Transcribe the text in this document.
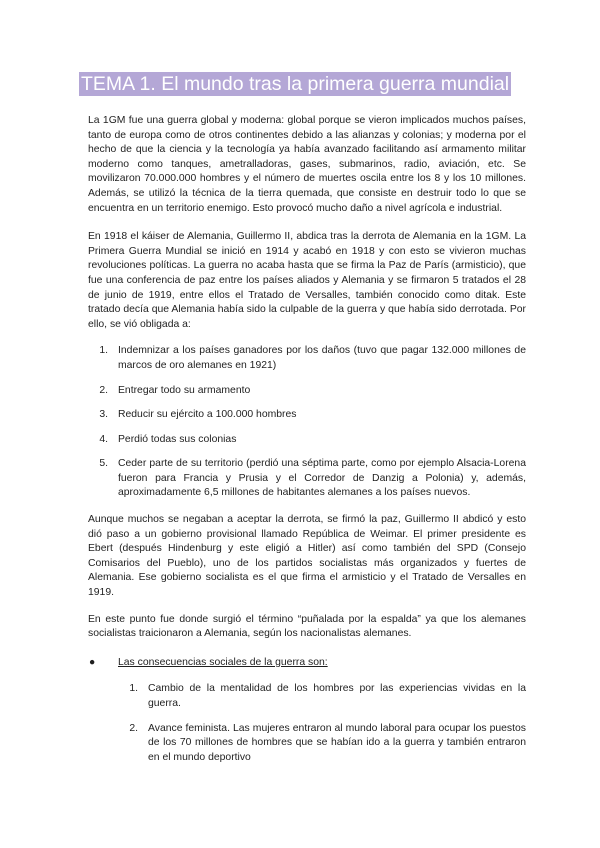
TEMA 1. El mundo tras la primera guerra mundial

La 1GM fue una guerra global y moderna: global porque se vieron implicados muchos países, tanto de europa como de otros continentes debido a las alianzas y colonias; y moderna por el hecho de que la ciencia y la tecnología ya había avanzado facilitando así armamento militar moderno como tanques, ametralladoras, gases, submarinos, radio, aviación, etc. Se movilizaron 70.000.000 hombres y el número de muertes oscila entre los 8 y los 10 millones. Además, se utilizó la técnica de la tierra quemada, que consiste en destruir todo lo que se encuentra en un territorio enemigo. Esto provocó mucho daño a nivel agrícola e industrial.

En 1918 el káiser de Alemania, Guillermo II, abdica tras la derrota de Alemania en la 1GM. La Primera Guerra Mundial se inició en 1914 y acabó en 1918 y con esto se vivieron muchas revoluciones políticas. La guerra no acaba hasta que se firma la Paz de París (armisticio), que fue una conferencia de paz entre los países aliados y Alemania y se firmaron 5 tratados el 28 de junio de 1919, entre ellos el Tratado de Versalles, también conocido como ditak. Este tratado decía que Alemania había sido la culpable de la guerra y que había sido derrotada. Por ello, se vió obligada a:

1. Indemnizar a los países ganadores por los daños (tuvo que pagar 132.000 millones de marcos de oro alemanes en 1921)
2. Entregar todo su armamento
3. Reducir su ejército a 100.000 hombres
4. Perdió todas sus colonias
5. Ceder parte de su territorio (perdió una séptima parte, como por ejemplo Alsacia-Lorena fueron para Francia y Prusia y el Corredor de Danzig a Polonia) y, además, aproximadamente 6,5 millones de habitantes alemanes a los países nuevos.

Aunque muchos se negaban a aceptar la derrota, se firmó la paz, Guillermo II abdicó y esto dió paso a un gobierno provisional llamado República de Weimar. El primer presidente es Ebert (después Hindenburg y este eligió a Hitler) así como también del SPD (Consejo Comisarios del Pueblo), uno de los partidos socialistas más organizados y fuertes de Alemania. Ese gobierno socialista es el que firma el armisticio y el Tratado de Versalles en 1919.

En este punto fue donde surgió el término “puñalada por la espalda” ya que los alemanes socialistas traicionaron a Alemania, según los nacionalistas alemanes.

● Las consecuencias sociales de la guerra son:
1. Cambio de la mentalidad de los hombres por las experiencias vividas en la guerra.
2. Avance feminista. Las mujeres entraron al mundo laboral para ocupar los puestos de los 70 millones de hombres que se habían ido a la guerra y también entraron en el mundo deportivo
